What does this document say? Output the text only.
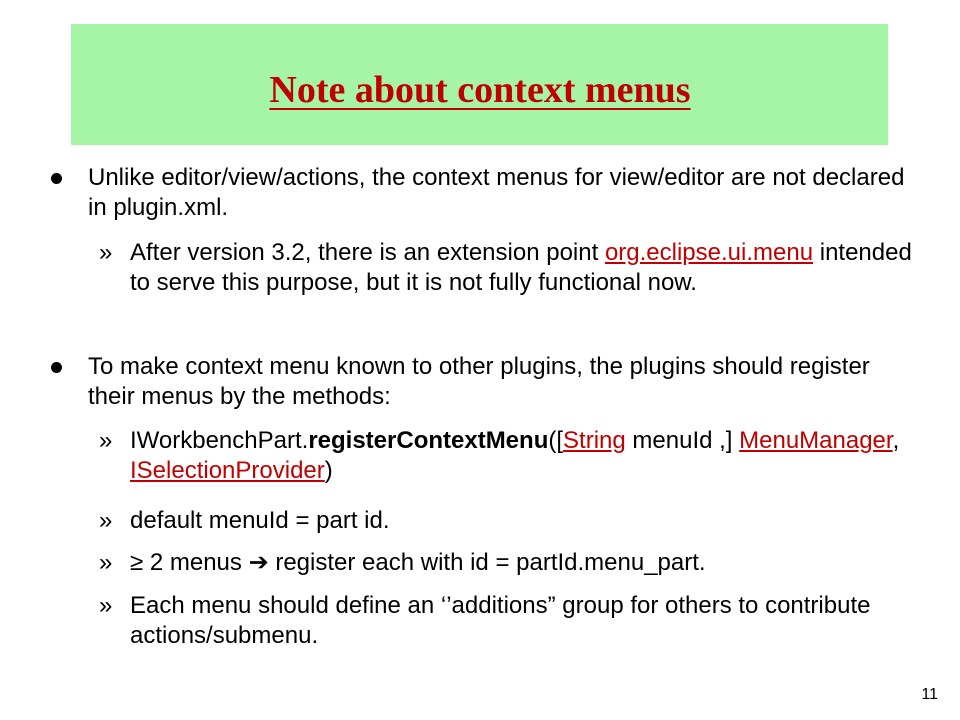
Note about context menus
Unlike editor/view/actions, the context menus for view/editor are not declared in plugin.xml.
» After version 3.2, there is an extension point org.eclipse.ui.menu intended to serve this purpose, but it is not fully functional now.
To make context menu known to other plugins, the plugins should register their menus by the methods:
» IWorkbenchPart.registerContextMenu([String menuId ,] MenuManager, ISelectionProvider)
» default menuId = part id.
» ≥ 2 menus ➔ register each with id = partId.menu_part.
» Each menu should define an ‘’additions” group for others to contribute actions/submenu.
11
